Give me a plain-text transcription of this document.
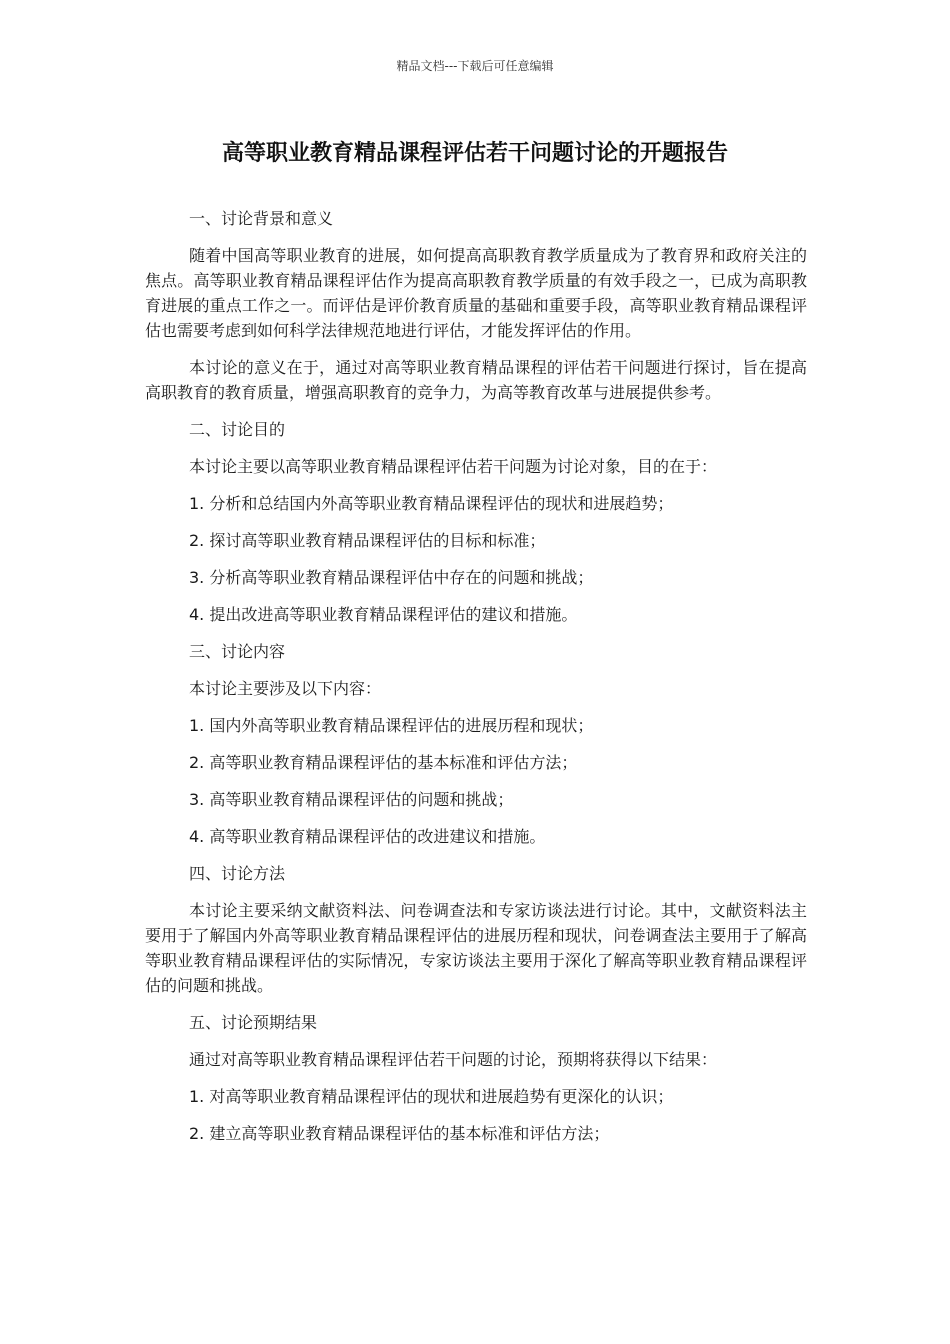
精品文档---下载后可任意编辑
高等职业教育精品课程评估若干问题讨论的开题报告

一、讨论背景和意义

随着中国高等职业教育的进展，如何提高高职教育教学质量成为了教育界和政府关注的焦点。高等职业教育精品课程评估作为提高高职教育教学质量的有效手段之一，已成为高职教育进展的重点工作之一。而评估是评价教育质量的基础和重要手段，高等职业教育精品课程评估也需要考虑到如何科学法律规范地进行评估，才能发挥评估的作用。

本讨论的意义在于，通过对高等职业教育精品课程的评估若干问题进行探讨，旨在提高高职教育的教育质量，增强高职教育的竞争力，为高等教育改革与进展提供参考。

二、讨论目的

本讨论主要以高等职业教育精品课程评估若干问题为讨论对象，目的在于：

1. 分析和总结国内外高等职业教育精品课程评估的现状和进展趋势；

2. 探讨高等职业教育精品课程评估的目标和标准；

3. 分析高等职业教育精品课程评估中存在的问题和挑战；

4. 提出改进高等职业教育精品课程评估的建议和措施。

三、讨论内容

本讨论主要涉及以下内容：

1. 国内外高等职业教育精品课程评估的进展历程和现状；

2. 高等职业教育精品课程评估的基本标准和评估方法；

3. 高等职业教育精品课程评估的问题和挑战；

4. 高等职业教育精品课程评估的改进建议和措施。

四、讨论方法

本讨论主要采纳文献资料法、问卷调查法和专家访谈法进行讨论。其中，文献资料法主要用于了解国内外高等职业教育精品课程评估的进展历程和现状，问卷调查法主要用于了解高等职业教育精品课程评估的实际情况，专家访谈法主要用于深化了解高等职业教育精品课程评估的问题和挑战。

五、讨论预期结果

通过对高等职业教育精品课程评估若干问题的讨论，预期将获得以下结果：

1. 对高等职业教育精品课程评估的现状和进展趋势有更深化的认识；

2. 建立高等职业教育精品课程评估的基本标准和评估方法；
